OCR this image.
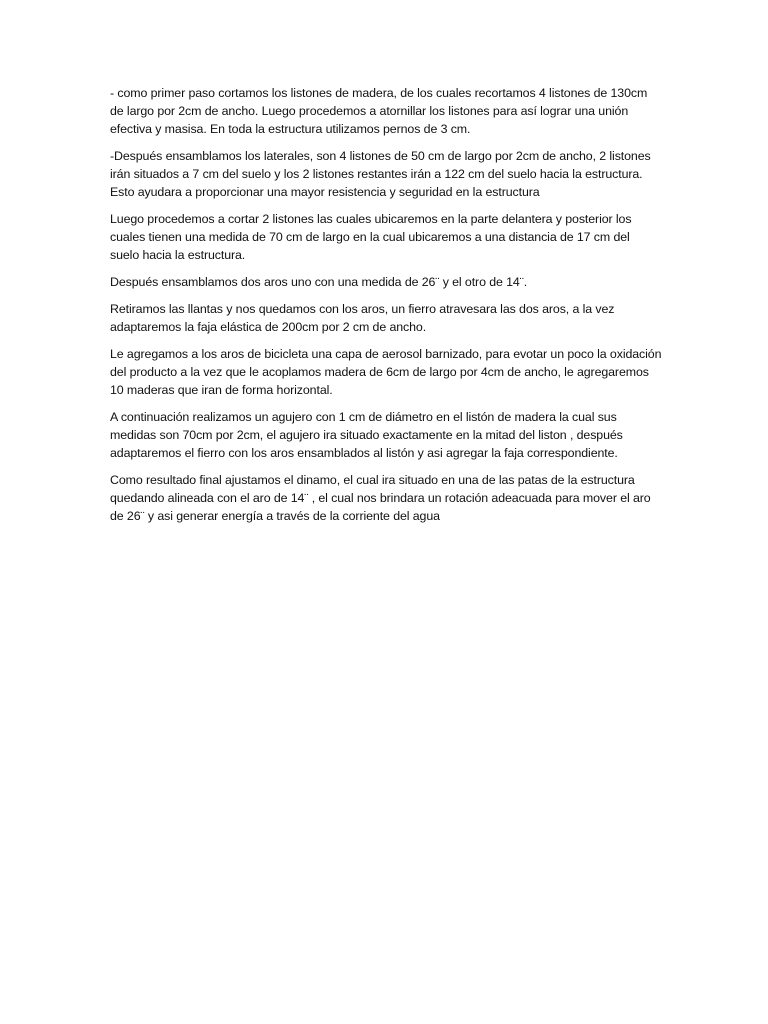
- como primer paso cortamos los listones de madera, de los cuales recortamos 4 listones de 130cm de largo por 2cm de ancho. Luego procedemos a atornillar los listones para así lograr una unión efectiva y masisa. En toda la estructura utilizamos pernos de 3 cm.

-Después ensamblamos los laterales, son 4 listones de 50 cm de largo por 2cm de ancho, 2 listones irán situados a 7 cm del suelo y los 2 listones restantes irán a 122 cm del suelo hacia la estructura. Esto ayudara a proporcionar una mayor resistencia y seguridad en la estructura

Luego procedemos a cortar 2 listones las cuales ubicaremos en la parte delantera y posterior los cuales tienen una medida de 70 cm de largo en la cual ubicaremos a una distancia de 17 cm del suelo hacia la estructura.

Después ensamblamos dos aros uno con una medida de 26¨ y el otro de 14¨.

Retiramos las llantas y nos quedamos con los aros, un fierro atravesara las dos aros, a la vez adaptaremos la faja elástica de 200cm por 2 cm de ancho.

Le agregamos a los aros de bicicleta una capa de aerosol barnizado, para evotar un poco la oxidación del producto a la vez que le acoplamos madera de 6cm de largo por 4cm de ancho, le agregaremos 10 maderas que iran de forma horizontal.

A continuación realizamos un agujero con 1 cm de diámetro en el listón de madera la cual sus medidas son 70cm por 2cm, el agujero ira situado exactamente en la mitad del liston , después adaptaremos el fierro con los aros ensamblados al listón y asi agregar la faja correspondiente.

Como resultado final ajustamos el dinamo, el cual ira situado en una de las patas de la estructura quedando alineada con el aro de 14¨ , el cual nos brindara un rotación adeacuada para mover el aro de 26¨ y asi generar energía a través de la corriente del agua
